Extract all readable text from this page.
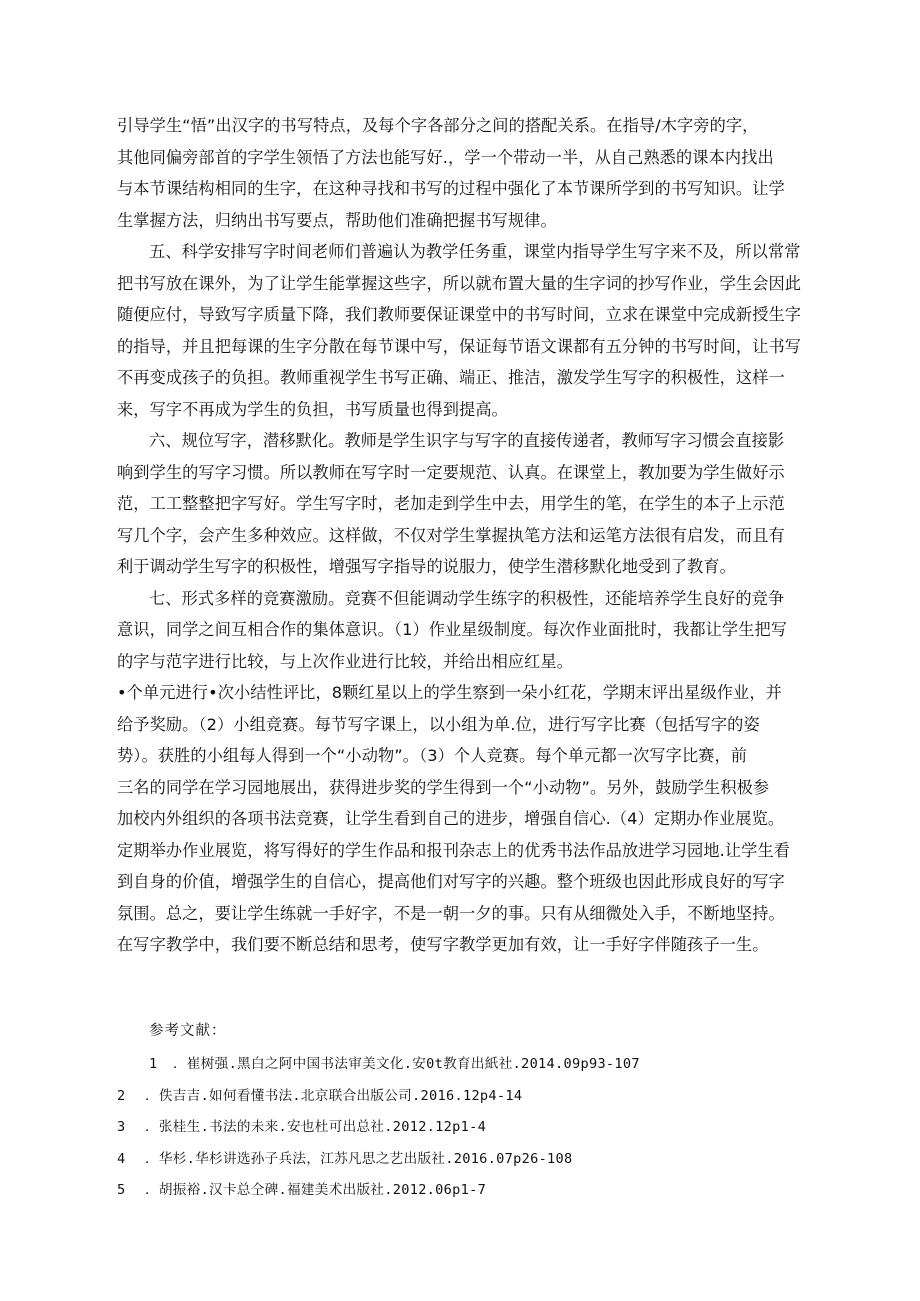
引导学生“悟”出汉字的书写特点，及每个字各部分之间的搭配关系。在指导/木字旁的字，
其他同偏旁部首的字学生领悟了方法也能写好.，学一个带动一半，从自己熟悉的课本内找出
与本节课结构相同的生字，在这种寻找和书写的过程中强化了本节课所学到的书写知识。让学
生掌握方法，归纳出书写要点，帮助他们准确把握书写规律。

五、科学安排写字时间老师们普遍认为教学任务重，课堂内指导学生写字来不及，所以常常
把书写放在课外，为了让学生能掌握这些字，所以就布置大量的生字词的抄写作业，学生会因此
随便应付，导致写字质量下降，我们教师要保证课堂中的书写时间，立求在课堂中完成新授生字
的指导，并且把每课的生字分散在每节课中写，保证每节语文课都有五分钟的书写时间，让书写
不再变成孩子的负担。教师重视学生书写正确、端正、推洁，激发学生写字的积极性，这样一
来，写字不再成为学生的负担，书写质量也得到提高。

六、规位写字，潜移默化。教师是学生识字与写字的直接传递者，教师写字习惯会直接影
响到学生的写字习惯。所以教师在写字时一定要规范、认真。在课堂上，教加要为学生做好示
范，工工整整把字写好。学生写字时，老加走到学生中去，用学生的笔，在学生的本子上示范
写几个字，会产生多种效应。这样做，不仅对学生掌握执笔方法和运笔方法很有启发，而且有
利于调动学生写字的积极性，增强写字指导的说服力，使学生潜移默化地受到了教育。

七、形式多样的竞赛激励。竞赛不但能调动学生练字的积极性，还能培养学生良好的竞争
意识，同学之间互相合作的集体意识。（1）作业星级制度。每次作业面批时，我都让学生把写
的字与范字进行比较，与上次作业进行比较，并给出相应红星。

•个单元进行•次小结性评比，8颗红星以上的学生察到一朵小红花，学期末评出星级作业，并
给予奖励。（2）小组竞赛。每节写字课上，以小组为单.位，进行写字比赛（包括写字的姿
势）。获胜的小组每人得到一个“小动物”。（3）个人竞赛。每个单元都一次写字比赛，前
三名的同学在学习园地展出，获得进步奖的学生得到一个“小动物”。另外，鼓励学生积极参
加校内外组织的各项书法竞赛，让学生看到自己的进步，增强自信心.（4）定期办作业展览。
定期举办作业展览，将写得好的学生作品和报刊杂志上的优秀书法作品放进学习园地.让学生看
到自身的价值，增强学生的自信心，提高他们对写字的兴趣。整个班级也因此形成良好的写字
氛围。总之，要让学生练就一手好字，不是一朝一夕的事。只有从细微处入手，不断地坚持。
在写字教学中，我们要不断总结和思考，使写字教学更加有效，让一手好字伴随孩子一生。

参考文献：

1 ．崔树强.黑白之阿中国书法审美文化.安0t教育出紙社.2014.09p93-107
2 ．佚吉吉.如何看懂书法.北京联合出版公司.2016.12p4-14
3 ．张桂生.书法的未来.安也杜可出总社.2012.12p1-4
4 ．华杉.华杉讲选孙子兵法，江苏凡思之艺出版社.2016.07p26-108
5 ．胡振裕.汉卡总仝碑.福建美术出版社.2012.06p1-7
